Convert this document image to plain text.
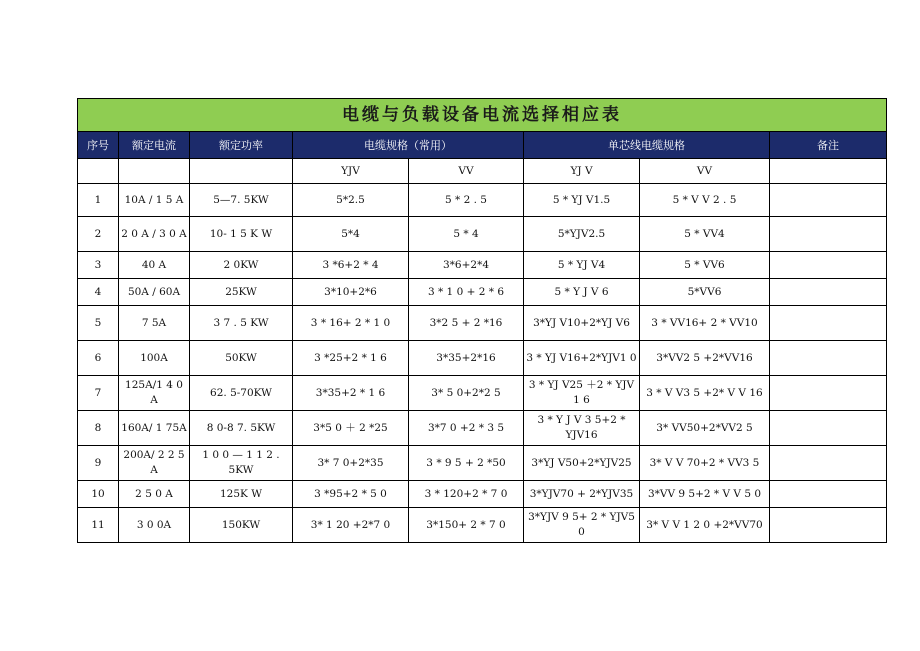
电缆与负载设备电流选择相应表							
序号	额定电流	额定功率	电缆规格（常用）		单芯线电缆规格		备注
			YJV	VV	YJ V	VV	
1	10A / 1 5 A	5—7. 5KW	5*2.5	5 * 2 . 5	5 * YJ V1.5	5 * V V 2 . 5	
2	2 0 A / 3 0 A	10- 1 5 K W	5*4	5 * 4	5*YJV2.5	5 * VV4	
3	40 A	2 0KW	3 *6+2 * 4	3*6+2*4	5 * YJ V4	5 * VV6	
4	50A / 60A	25KW	3*10+2*6	3 * 1 0 + 2 * 6	5 * Y J V 6	5*VV6	
5	7 5A	3 7 . 5 KW	3 * 16+ 2 * 1 0	3*2 5 + 2 *16	3*YJ V10+2*YJ V6	3 * VV16+ 2 * VV10	
6	100A	50KW	3 *25+2 * 1 6	3*35+2*16	3 * YJ V16+2*YJV1 0	3*VV2 5 +2*VV16	
7	125A/1 4 0 A	62. 5-70KW	3*35+2 * 1 6	3* 5 0+2*2 5	3 * YJ V25 ＋2 * YJV 1 6	3 * V V3 5 +2* V V 16	
8	160A/ 1 75A	8 0-8 7. 5KW	3*5 0 ＋ 2 *25	3*7 0 +2 * 3 5	3 * Y J V 3 5+2 * YJV16	3* VV50+2*VV2 5	
9	200A/ 2 2 5 A	1 0 0 — 1 1 2 . 5KW	3* 7 0+2*35	3 * 9 5 + 2 *50	3*YJ V50+2*YJV25	3* V V 70+2 * VV3 5	
10	2 5 0 A	125K W	3 *95+2 * 5 0	3 * 120+2 * 7 0	3*YJV70 + 2*YJV35	3*VV 9 5+2 * V V 5 0	
11	3 0 0A	150KW	3* 1 20 +2*7 0	3*150+ 2 * 7 0	3*YJV 9 5+ 2 * YJV5 0	3* V V 1 2 0 +2*VV70	
